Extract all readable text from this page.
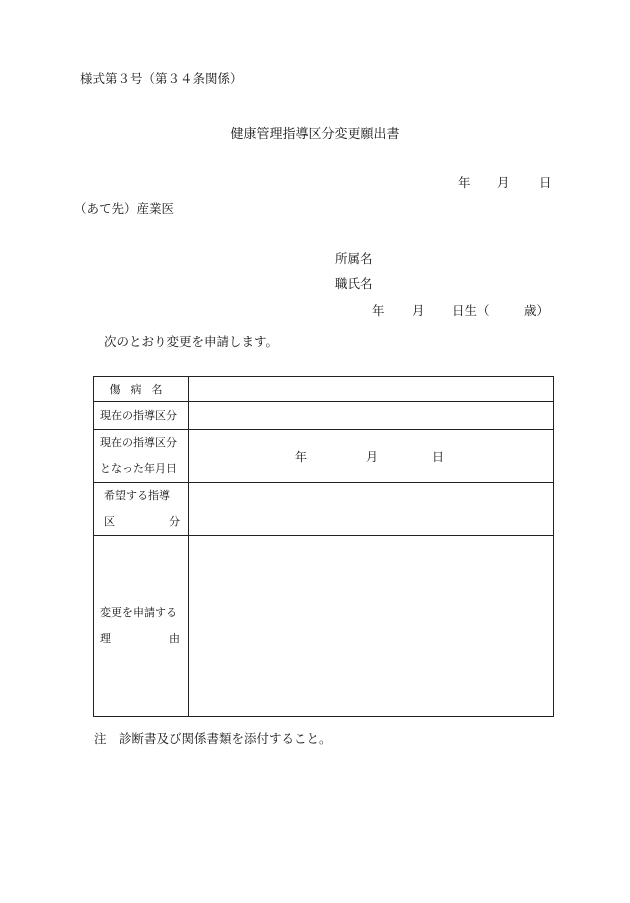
様式第３号（第３４条関係）
健康管理指導区分変更願出書
年 月 日
（あて先）産業医
所属名
職氏名
年 月 日生（	歳）
次のとおり変更を申請します。
傷病名	

現在の指導区分	

現在の指導区分
となった年月日	年 月 日

希望する指導
区 分	

変更を申請する
理 由	

注　診断書及び関係書類を添付すること。
